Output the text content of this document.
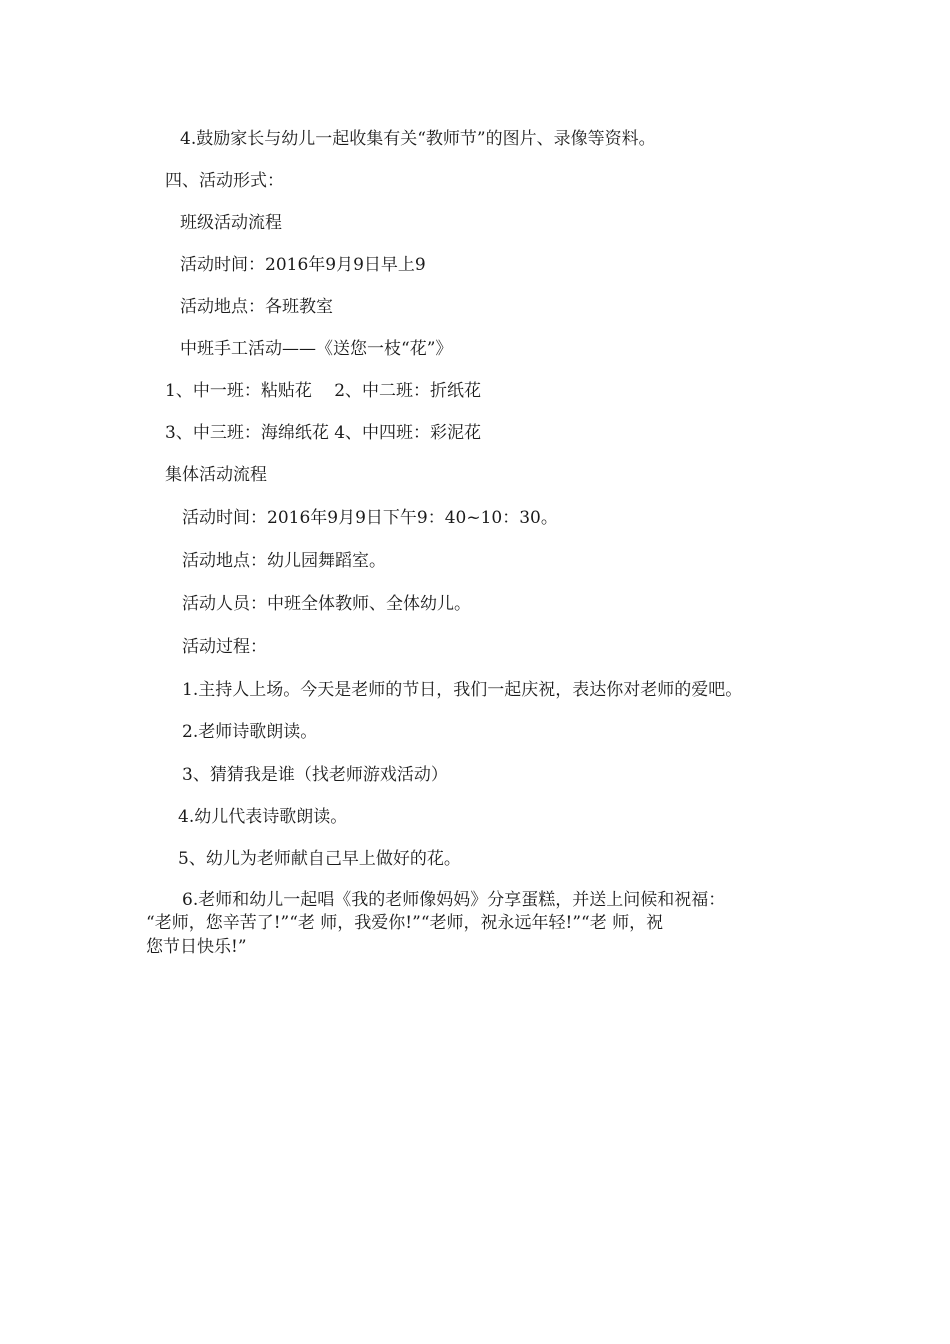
4.鼓励家长与幼儿一起收集有关“教师节”的图片、录像等资料。

四、活动形式：

班级活动流程

活动时间：2016年9月9日早上9

活动地点：各班教室

中班手工活动——《送您一枝“花”》

1、中一班：粘贴花　 2、中二班：折纸花

3、中三班：海绵纸花 4、中四班：彩泥花

集体活动流程

活动时间：2016年9月9日下午9：40~10：30。

活动地点：幼儿园舞蹈室。

活动人员：中班全体教师、全体幼儿。

活动过程：

1.主持人上场。今天是老师的节日，我们一起庆祝，表达你对老师的爱吧。

2.老师诗歌朗读。

3、猜猜我是谁（找老师游戏活动）

4.幼儿代表诗歌朗读。

5、幼儿为老师献自己早上做好的花。

6.老师和幼儿一起唱《我的老师像妈妈》分享蛋糕，并送上问候和祝福：

“老师，您辛苦了!”“老 师，我爱你!”“老师，祝永远年轻!”“老 师，祝

您节日快乐!”
